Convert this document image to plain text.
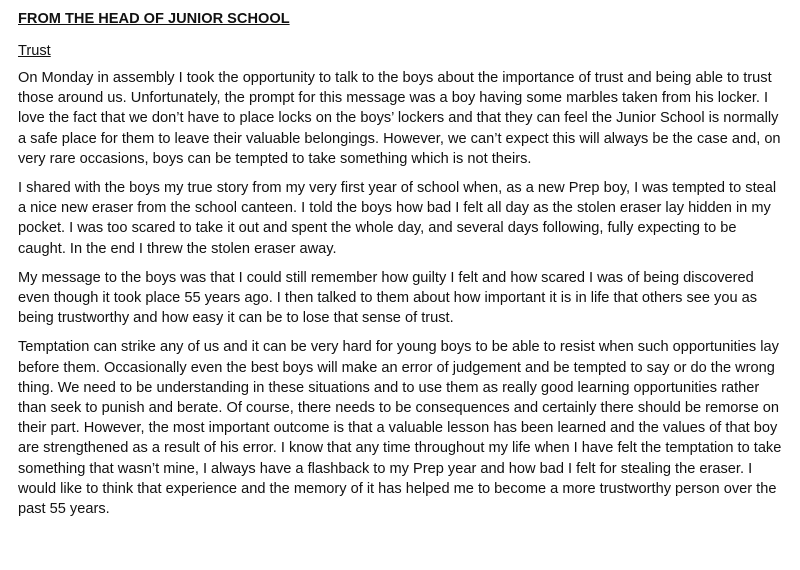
FROM THE HEAD OF JUNIOR SCHOOL
Trust

On Monday in assembly I took the opportunity to talk to the boys about the importance of trust and being able to trust those around us. Unfortunately, the prompt for this message was a boy having some marbles taken from his locker. I love the fact that we don’t have to place locks on the boys’ lockers and that they can feel the Junior School is normally a safe place for them to leave their valuable belongings. However, we can’t expect this will always be the case and, on very rare occasions, boys can be tempted to take something which is not theirs.

I shared with the boys my true story from my very first year of school when, as a new Prep boy, I was tempted to steal a nice new eraser from the school canteen. I told the boys how bad I felt all day as the stolen eraser lay hidden in my pocket. I was too scared to take it out and spent the whole day, and several days following, fully expecting to be caught. In the end I threw the stolen eraser away.

My message to the boys was that I could still remember how guilty I felt and how scared I was of being discovered even though it took place 55 years ago. I then talked to them about how important it is in life that others see you as being trustworthy and how easy it can be to lose that sense of trust.

Temptation can strike any of us and it can be very hard for young boys to be able to resist when such opportunities lay before them. Occasionally even the best boys will make an error of judgement and be tempted to say or do the wrong thing. We need to be understanding in these situations and to use them as really good learning opportunities rather than seek to punish and berate. Of course, there needs to be consequences and certainly there should be remorse on their part. However, the most important outcome is that a valuable lesson has been learned and the values of that boy are strengthened as a result of his error. I know that any time throughout my life when I have felt the temptation to take something that wasn’t mine, I always have a flashback to my Prep year and how bad I felt for stealing the eraser. I would like to think that experience and the memory of it has helped me to become a more trustworthy person over the past 55 years.
